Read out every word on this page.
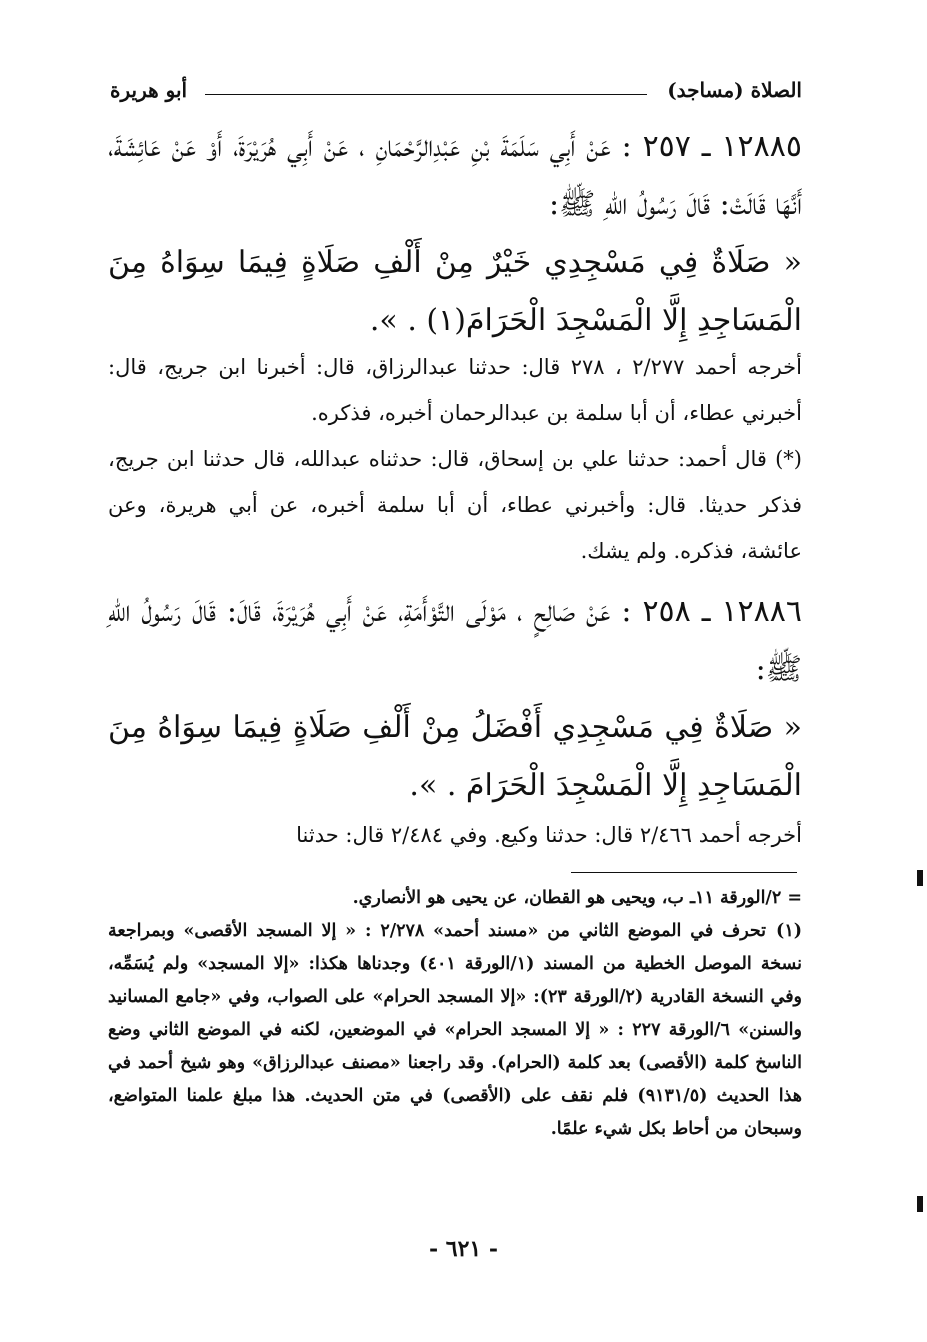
الصلاة (مساجد)
أبو هريرة

١٢٨٨٥ ـ ٢٥٧ : عَنْ أَبِي سَلَمَةَ بْنِ عَبْدِالرَّحْمَانِ ، عَنْ أَبِي هُرَيْرَةَ، أَوْ عَنْ عَائِشَةَ، أَنَّهَا قَالَتْ: قَالَ رَسُولُ اللهِ ﷺ:

« صَلَاةٌ فِي مَسْجِدِي خَيْرٌ مِنْ أَلْفِ صَلَاةٍ فِيمَا سِوَاهُ مِنَ الْمَسَاجِدِ إِلَّا الْمَسْجِدَ الْحَرَامَ(١) . ».

أخرجه أحمد ٢/٢٧٧ ، ٢٧٨ قال: حدثنا عبدالرزاق، قال: أخبرنا ابن جريج، قال: أخبرني عطاء، أن أبا سلمة بن عبدالرحمان أخبره، فذكره.

(*) قال أحمد: حدثنا علي بن إسحاق، قال: حدثناه عبدالله، قال حدثنا ابن جريج، فذكر حديثا. قال: وأخبرني عطاء، أن أبا سلمة أخبره، عن أبي هريرة، وعن عائشة، فذكره. ولم يشك.

١٢٨٨٦ ـ ٢٥٨ : عَنْ صَالِحٍ ، مَوْلَى التَّوْأَمَةِ، عَنْ أَبِي هُرَيْرَةَ، قَالَ: قَالَ رَسُولُ اللهِ ﷺ:

« صَلَاةٌ فِي مَسْجِدِي أَفْضَلُ مِنْ أَلْفِ صَلَاةٍ فِيمَا سِوَاهُ مِنَ الْمَسَاجِدِ إِلَّا الْمَسْجِدَ الْحَرَامَ . ».

أخرجه أحمد ٢/٤٦٦ قال: حدثنا وكيع. وفي ٢/٤٨٤ قال: حدثنا

= ٢/الورقة ١١ـ ب، ويحيى هو القطان، عن يحيى هو الأنصاري.

(١)تحرف في الموضع الثاني من «مسند أحمد» ٢/٢٧٨ : « إلا المسجد الأقصى» وبمراجعة نسخة الموصل الخطية من المسند (١/الورقة ٤٠١) وجدناها هكذا: «إلا المسجد» ولم يُسَمِّه، وفي النسخة القادرية (٢/الورقة ٢٣): «إلا المسجد الحرام» على الصواب، وفي «جامع المسانيد والسنن» ٦/الورقة ٢٢٧ : « إلا المسجد الحرام» في الموضعين، لكنه في الموضع الثاني وضع الناسخ كلمة (الأقصى) بعد كلمة (الحرام). وقد راجعنا «مصنف عبدالرزاق» وهو شيخ أحمد في هذا الحديث (٩١٣١/٥) فلم نقف على (الأقصى) في متن الحديث. هذا مبلغ علمنا المتواضع، وسبحان من أحاط بكل شيء علمًا.

- ٦٢١ -
